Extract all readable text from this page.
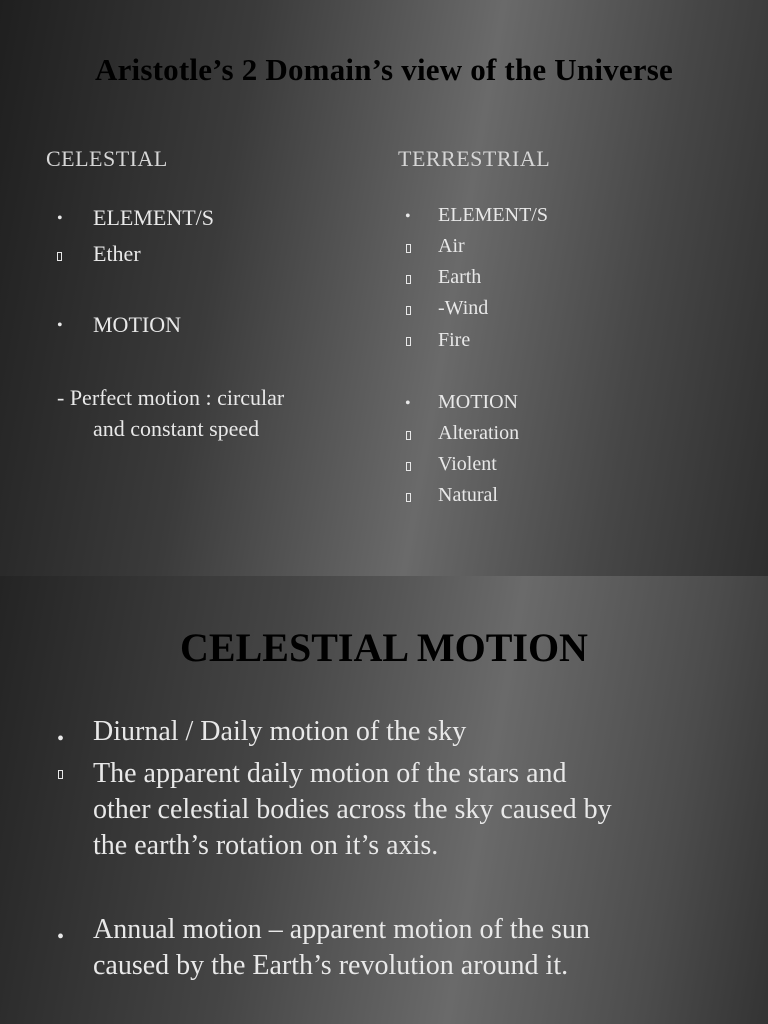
Aristotle’s 2 Domain’s view of the Universe
CELESTIAL
• ELEMENT/S
Ether
• MOTION
- Perfect motion : circular
and constant speed
TERRESTRIAL
• ELEMENT/S
Air
Earth
-Wind
Fire
• MOTION
Alteration
Violent
Natural
CELESTIAL MOTION
• Diurnal / Daily motion of the sky
The apparent daily motion of the stars and
other celestial bodies across the sky caused by
the earth’s rotation on it’s axis.
• Annual motion – apparent motion of the sun
caused by the Earth’s revolution around it.
